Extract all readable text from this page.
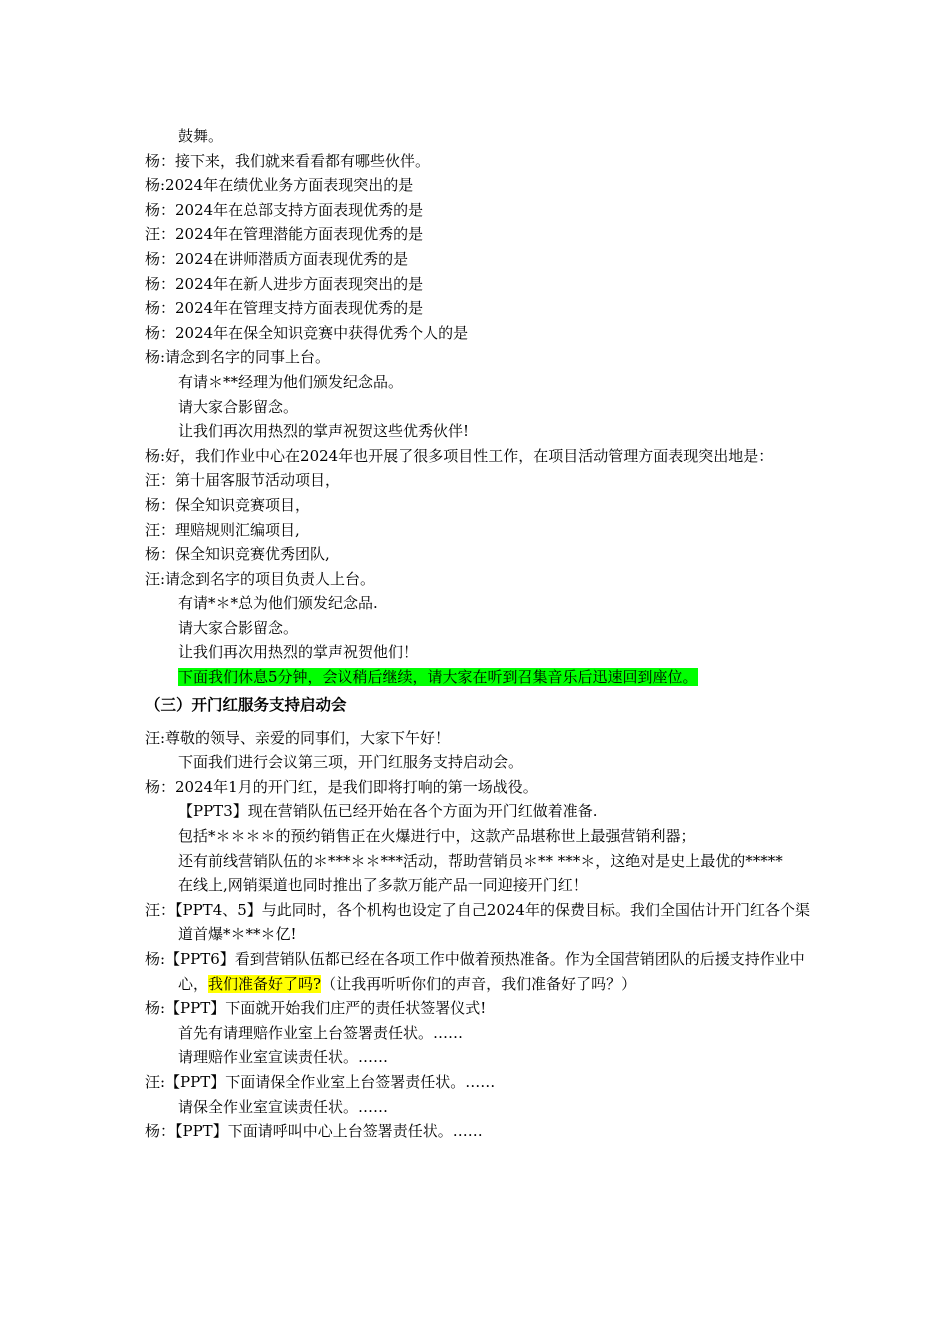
鼓舞。
杨：接下来，我们就来看看都有哪些伙伴。
杨:2024年在绩优业务方面表现突出的是
杨：2024年在总部支持方面表现优秀的是
汪：2024年在管理潜能方面表现优秀的是
杨：2024在讲师潜质方面表现优秀的是
杨：2024年在新人进步方面表现突出的是
杨：2024年在管理支持方面表现优秀的是
杨：2024年在保全知识竞赛中获得优秀个人的是
杨:请念到名字的同事上台。
有请＊**经理为他们颁发纪念品。
请大家合影留念。
让我们再次用热烈的掌声祝贺这些优秀伙伴!
杨:好，我们作业中心在2024年也开展了很多项目性工作，在项目活动管理方面表现突出地是：
汪：第十届客服节活动项目，
杨：保全知识竞赛项目，
汪：理赔规则汇编项目,
杨：保全知识竞赛优秀团队,
汪:请念到名字的项目负责人上台。
有请*＊*总为他们颁发纪念品.
请大家合影留念。
让我们再次用热烈的掌声祝贺他们！
下面我们休息5分钟，会议稍后继续，请大家在听到召集音乐后迅速回到座位。
（三）开门红服务支持启动会
汪:尊敬的领导、亲爱的同事们，大家下午好！
下面我们进行会议第三项，开门红服务支持启动会。
杨：2024年1月的开门红，是我们即将打响的第一场战役。
【PPT3】现在营销队伍已经开始在各个方面为开门红做着准备.
包括*＊＊＊＊的预约销售正在火爆进行中，这款产品堪称世上最强营销利器；
还有前线营销队伍的＊***＊＊***活动，帮助营销员＊** ***＊，这绝对是史上最优的*****
在线上,网销渠道也同时推出了多款万能产品一同迎接开门红！
汪：【PPT4、5】与此同时，各个机构也设定了自己2024年的保费目标。我们全国估计开门红各个渠道首爆*＊**＊亿!
杨:【PPT6】看到营销队伍都已经在各项工作中做着预热准备。作为全国营销团队的后援支持作业中心，我们准备好了吗?（让我再听听你们的声音，我们准备好了吗？）
杨:【PPT】下面就开始我们庄严的责任状签署仪式!
首先有请理赔作业室上台签署责任状。……
请理赔作业室宣读责任状。……
汪:【PPT】下面请保全作业室上台签署责任状。……
请保全作业室宣读责任状。……
杨：【PPT】下面请呼叫中心上台签署责任状。……
